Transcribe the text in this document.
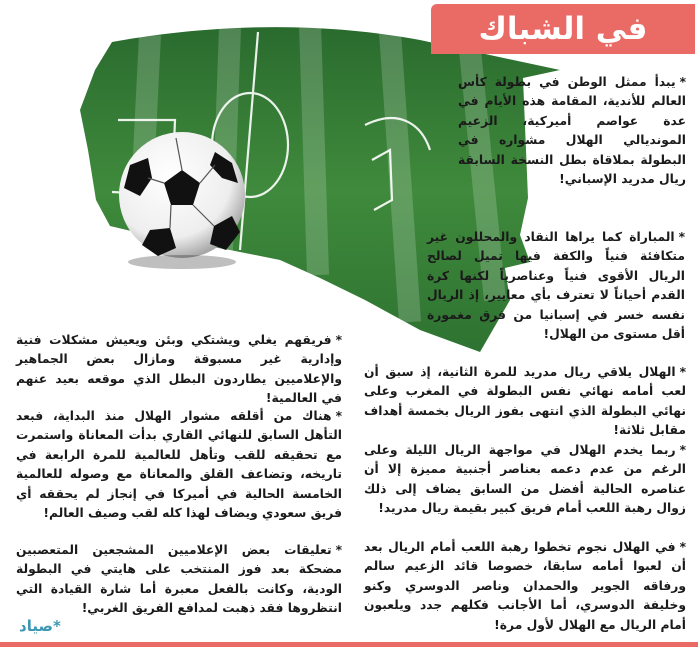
في الشباك
*يبدأ ممثل الوطن في بطولة كأس العالم للأندية، المقامة هذه الأيام في عدة عواصم أميركية، الزعيم المونديالي الهلال مشواره في البطولة بملاقاة بطل النسخة السابقة ريال مدريد الإسباني!
*المباراة كما يراها النقاد والمحللون غير متكافئة فنياً والكفة فيها تميل لصالح الريال الأقوى فنياً وعناصرياً لكنها كرة القدم أحياناً لا تعترف بأي معايير، إذ الريال نفسه خسر في إسبانيا من فرق مغمورة أقل مستوى من الهلال!
*الهلال يلاقي ريال مدريد للمرة الثانية، إذ سبق أن لعب أمامه نهائي نفس البطولة في المغرب وعلى نهائي البطولة الذي انتهى بفوز الريال بخمسة أهداف مقابل ثلاثة!
*ربما يخدم الهلال في مواجهة الريال الليلة وعلى الرغم من عدم دعمه بعناصر أجنبية مميزة إلا أن عناصره الحالية أفضل من السابق يضاف إلى ذلك زوال رهبة اللعب أمام فريق كبير بقيمة ريال مدريد!
*في الهلال نجوم تخطوا رهبة اللعب أمام الريال بعد أن لعبوا أمامه سابقا، خصوصا قائد الزعيم سالم ورفاقه الجوير والحمدان وناصر الدوسري وكنو وخليفة الدوسري، أما الأجانب فكلهم جدد ويلعبون أمام الريال مع الهلال لأول مرة!
*فريقهم يغلي ويشتكي وبئن ويعيش مشكلات فنية وإدارية غير مسبوقة ومازال بعض الجماهير والإعلاميين يطاردون البطل الذي موقعه بعيد عنهم في العالمية!
*هناك من أقلقه مشوار الهلال منذ البداية، فبعد التأهل السابق للنهائي القاري بدأت المعاناة واستمرت مع تحقيقه للقب وتأهل للعالمية للمرة الرابعة في تاريخه، وتضاعف القلق والمعاناة مع وصوله للعالمية الخامسة الحالية في أميركا في إنجاز لم يحققه أي فريق سعودي ويضاف لهذا كله لقب وصيف العالم!
*تعليقات بعض الإعلاميين المشجعين المتعصبين مضحكة بعد فوز المنتخب على هايتي في البطولة الودية، وكانت بالفعل معبرة أما شارة القيادة التي انتظروها فقد ذهبت لمدافع الفريق الغربي!
*صياد
